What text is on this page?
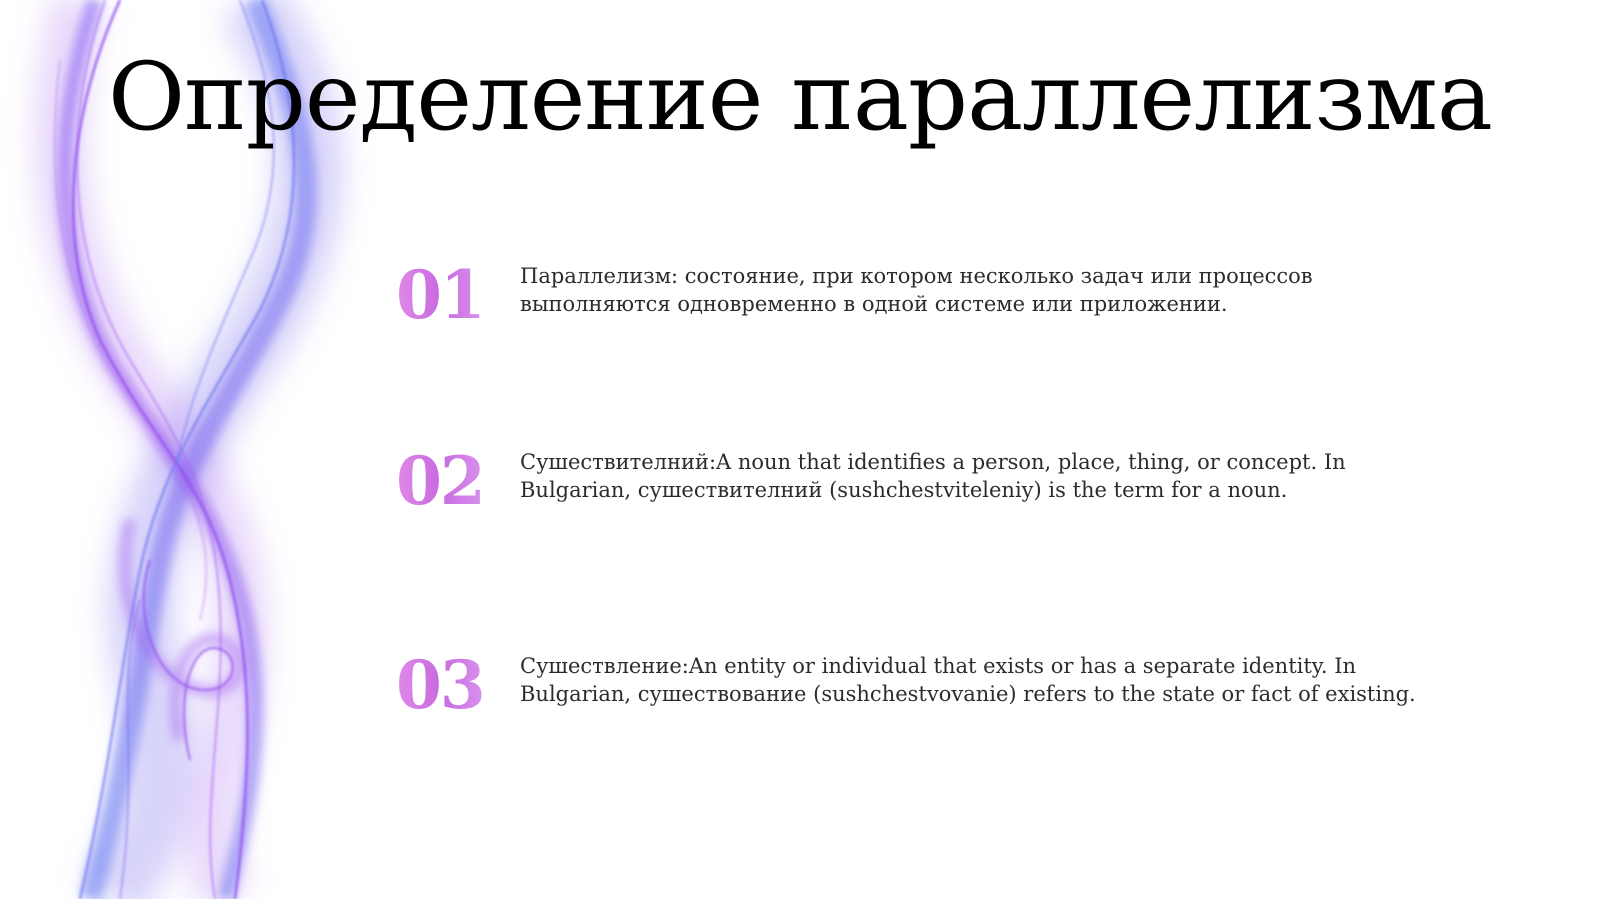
Определение параллелизма
01 Параллелизм: состояние, при котором несколько задач или процессов
выполняются одновременно в одной системе или приложении.
02 Сушествителний:A noun that identifies a person, place, thing, or concept. In
Bulgarian, сушествителний (sushchestviteleniy) is the term for a noun.
03 Сушествление:An entity or individual that exists or has a separate identity. In
Bulgarian, сушествование (sushchestvovanie) refers to the state or fact of existing.
